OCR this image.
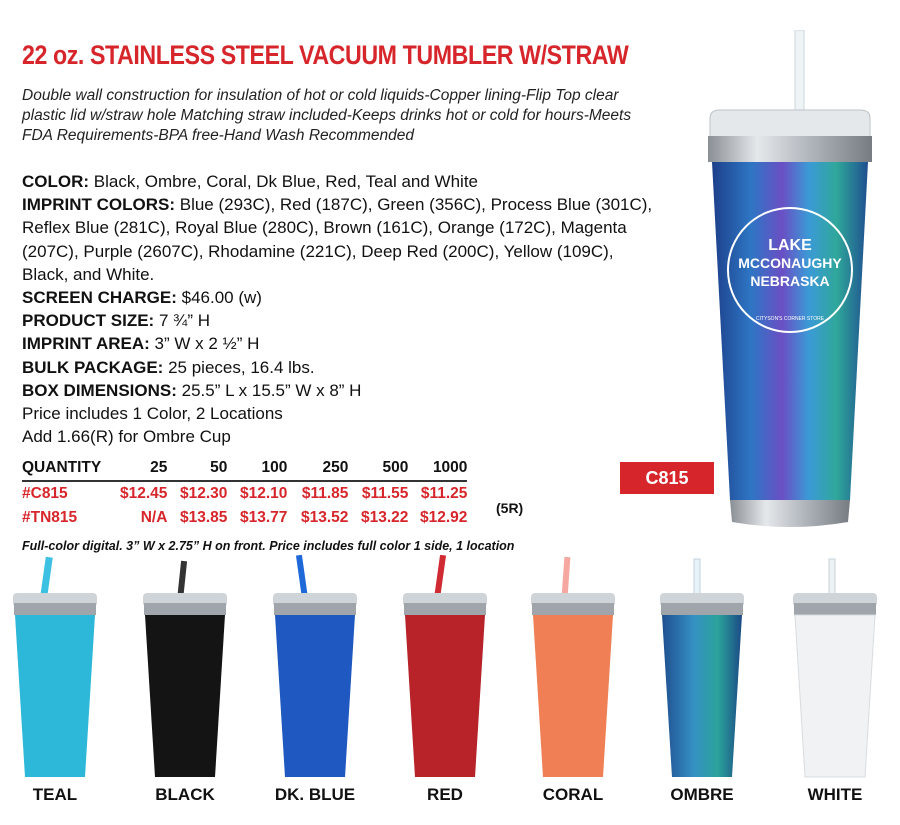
22 oz. STAINLESS STEEL VACUUM TUMBLER W/STRAW

Double wall construction for insulation of hot or cold liquids-Copper lining-Flip Top clear plastic lid w/straw hole Matching straw included-Keeps drinks hot or cold for hours-Meets FDA Requirements-BPA free-Hand Wash Recommended

COLOR: Black, Ombre, Coral, Dk Blue, Red, Teal and White

IMPRINT COLORS: Blue (293C), Red (187C), Green (356C), Process Blue (301C), Reflex Blue (281C), Royal Blue (280C), Brown (161C), Orange (172C), Magenta (207C), Purple (2607C), Rhodamine (221C), Deep Red (200C), Yellow (109C), Black, and White.

SCREEN CHARGE: $46.00 (w)

PRODUCT SIZE: 7 ¾” H

IMPRINT AREA: 3” W x 2 ½” H

BULK PACKAGE: 25 pieces, 16.4 lbs.

BOX DIMENSIONS: 25.5” L x 15.5” W x 8” H

Price includes 1 Color, 2 Locations

Add 1.66(R) for Ombre Cup

QUANTITY	25	50	100	250	500	1000
#C815	$12.45	$12.30	$12.10	$11.85	$11.55	$11.25
#TN815	N/A	$13.85	$13.77	$13.52	$13.22	$12.92
(5R)
Full-color digital. 3” W x 2.75” H on front. Price includes full color 1 side, 1 location
C815
LAKE
MCCONAUGHY
NEBRASKA
CITYSON'S CORNER STORE
TEAL	BLACK	DK. BLUE	RED	CORAL	OMBRE	WHITE
